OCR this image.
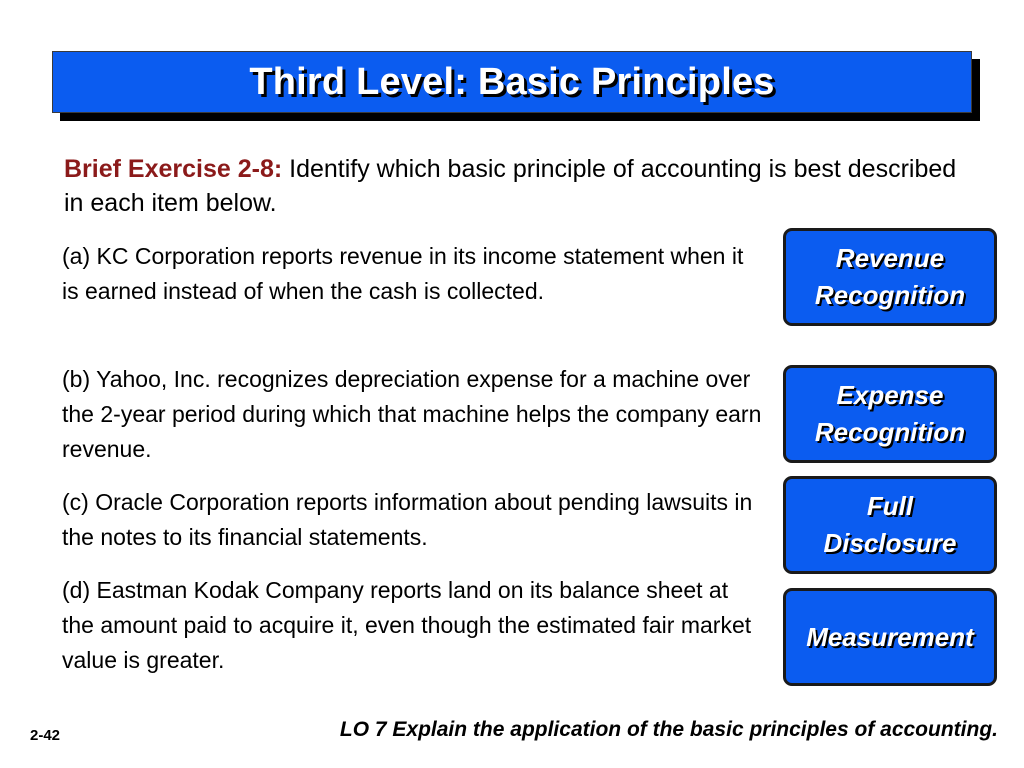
Third Level: Basic Principles
Brief Exercise 2-8: Identify which basic principle of accounting is best described in each item below.
(a) KC Corporation reports revenue in its income statement when it is earned instead of when the cash is collected.
(b) Yahoo, Inc. recognizes depreciation expense for a machine over the 2-year period during which that machine helps the company earn revenue.
(c) Oracle Corporation reports information about pending lawsuits in the notes to its financial statements.
(d) Eastman Kodak Company reports land on its balance sheet at the amount paid to acquire it, even though the estimated fair market value is greater.
Revenue
Recognition
Expense
Recognition
Full
Disclosure
Measurement
2-42	LO 7 Explain the application of the basic principles of accounting.
